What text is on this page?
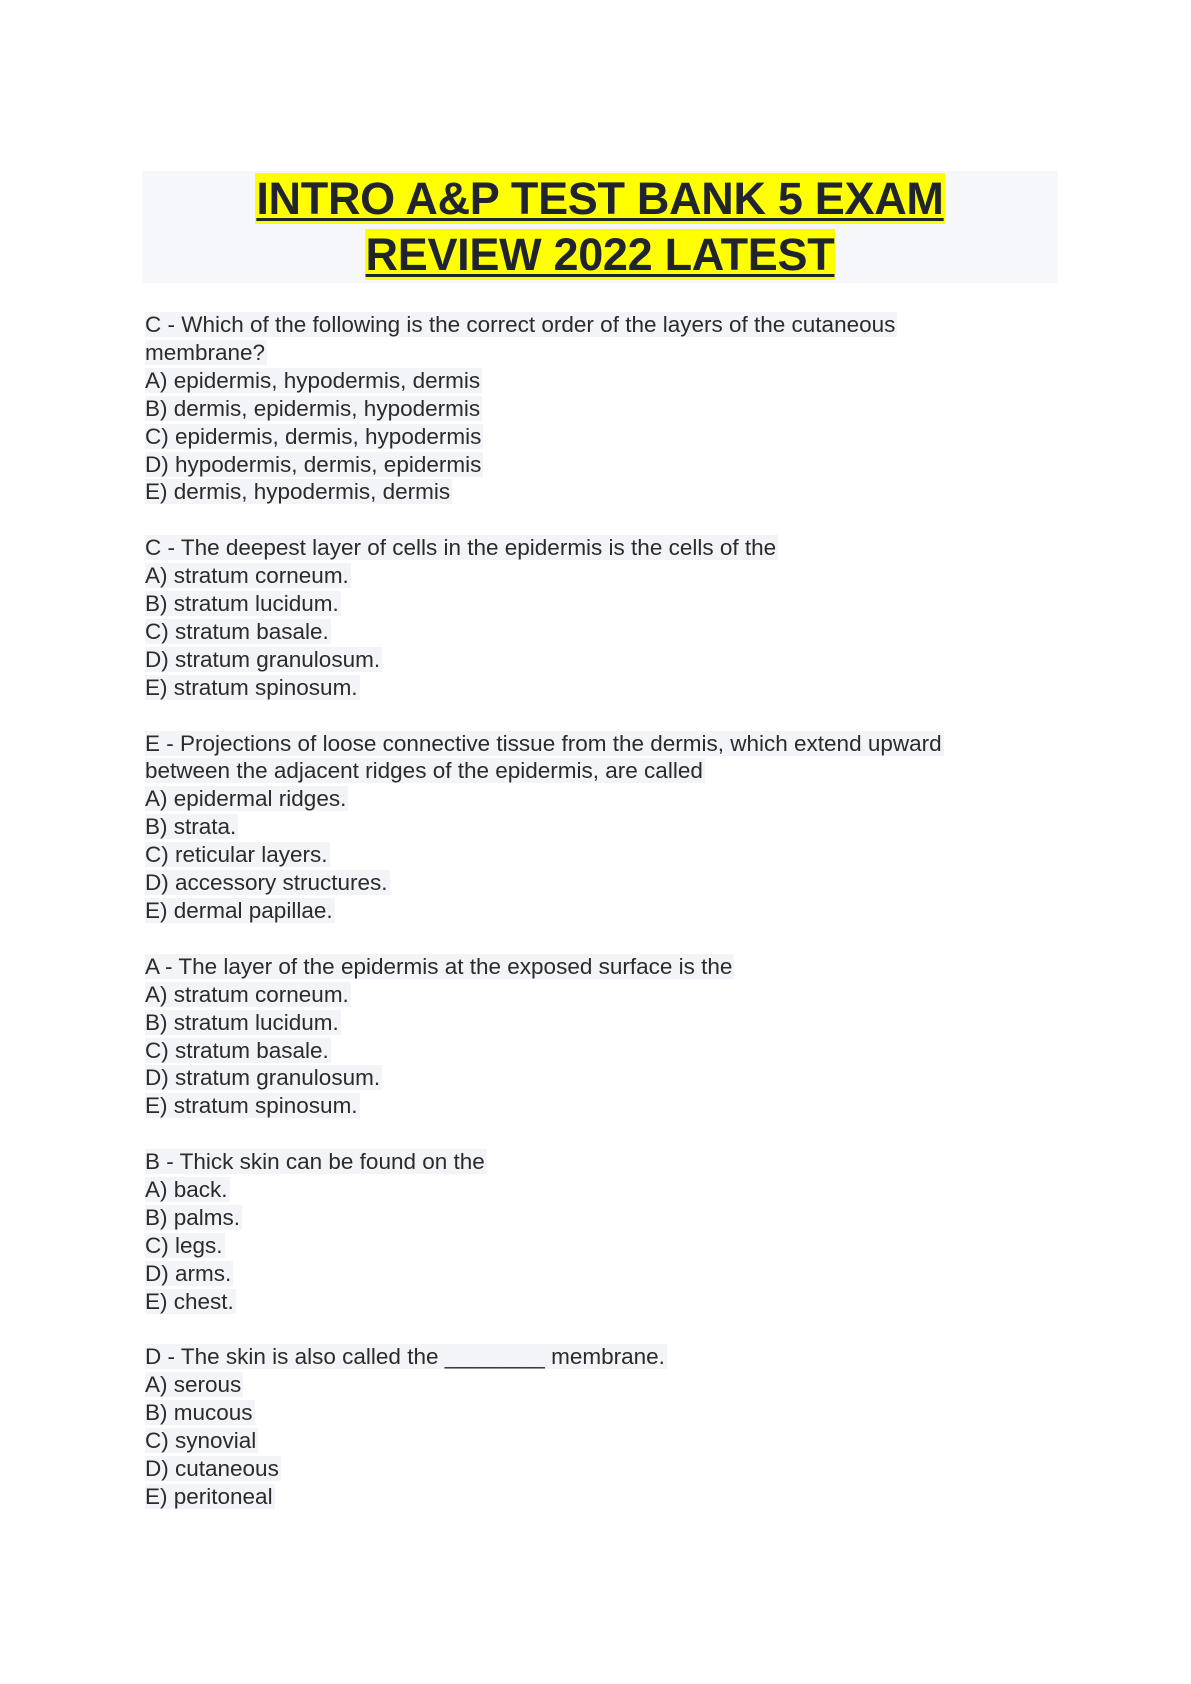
INTRO A&P TEST BANK 5 EXAM
REVIEW 2022 LATEST
C - Which of the following is the correct order of the layers of the cutaneous
membrane?
A) epidermis, hypodermis, dermis
B) dermis, epidermis, hypodermis
C) epidermis, dermis, hypodermis
D) hypodermis, dermis, epidermis
E) dermis, hypodermis, dermis
C - The deepest layer of cells in the epidermis is the cells of the
A) stratum corneum.
B) stratum lucidum.
C) stratum basale.
D) stratum granulosum.
E) stratum spinosum.
E - Projections of loose connective tissue from the dermis, which extend upward
between the adjacent ridges of the epidermis, are called
A) epidermal ridges.
B) strata.
C) reticular layers.
D) accessory structures.
E) dermal papillae.
A - The layer of the epidermis at the exposed surface is the
A) stratum corneum.
B) stratum lucidum.
C) stratum basale.
D) stratum granulosum.
E) stratum spinosum.
B - Thick skin can be found on the
A) back.
B) palms.
C) legs.
D) arms.
E) chest.
D - The skin is also called the ________ membrane.
A) serous
B) mucous
C) synovial
D) cutaneous
E) peritoneal
